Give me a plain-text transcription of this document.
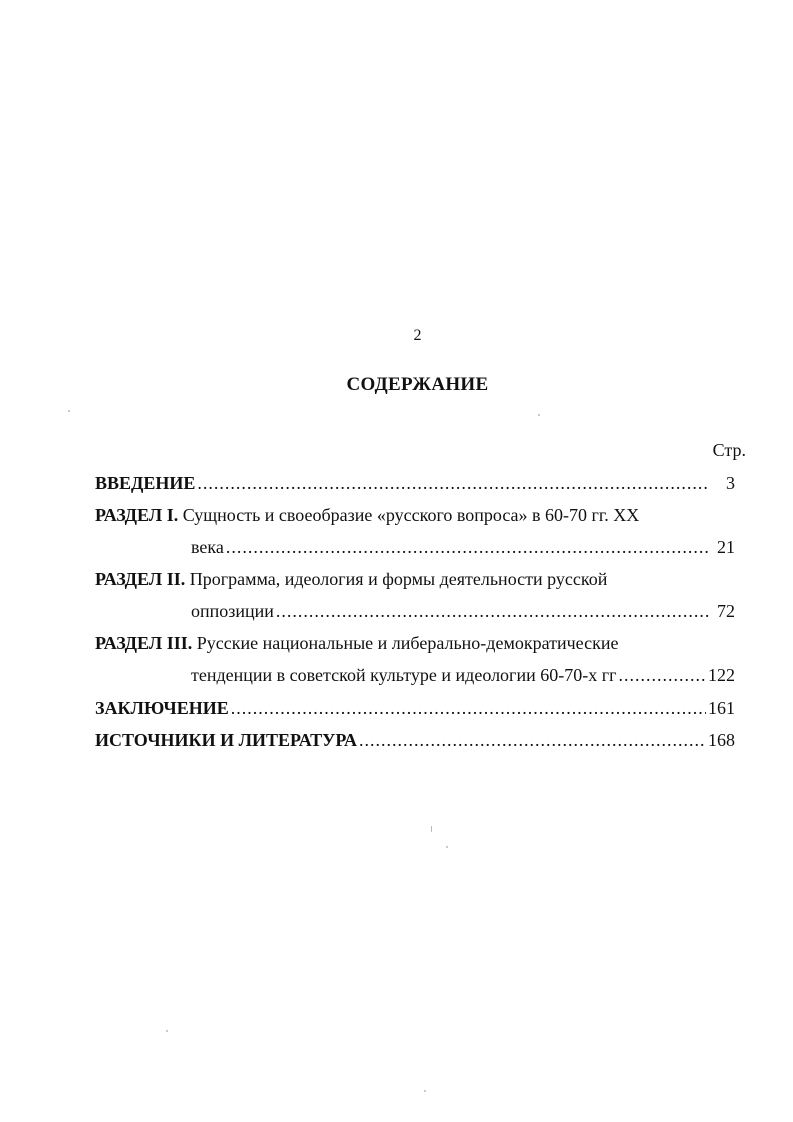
2
СОДЕРЖАНИЕ
Стр.
ВВЕДЕНИЕ .....	3
РАЗДЕЛ I. Сущность и своеобразие «русского вопроса» в 60-70 гг. XX
века .....	21
РАЗДЕЛ II. Программа, идеология и формы деятельности русской
оппозиции .....	72
РАЗДЕЛ III. Русские национальные и либерально-демократические
тенденции в советской культуре и идеологии 60-70-х гг .....	122
ЗАКЛЮЧЕНИЕ .....	161
ИСТОЧНИКИ И ЛИТЕРАТУРА .....	168
